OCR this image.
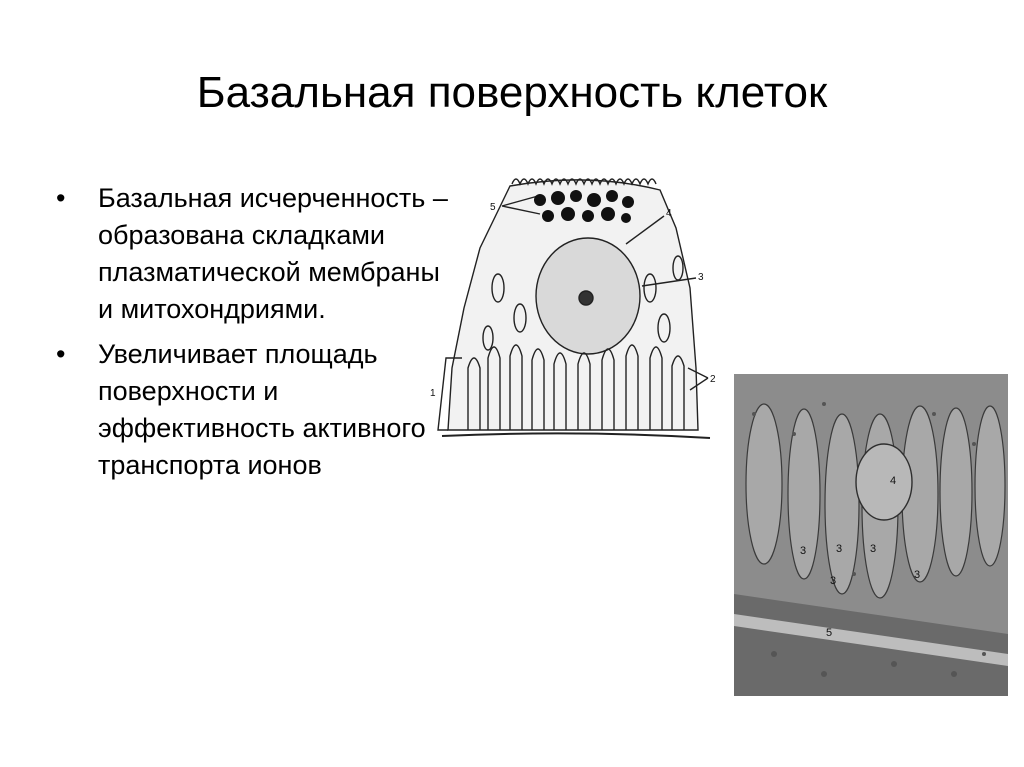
Базальная поверхность клеток
• Базальная исчерченность – образована складками плазматической мембраны и митохондриями.
• Увеличивает площадь поверхности и эффективность активного транспорта ионов
5
4
3
2
1
4
3	3	3
3
3
5
